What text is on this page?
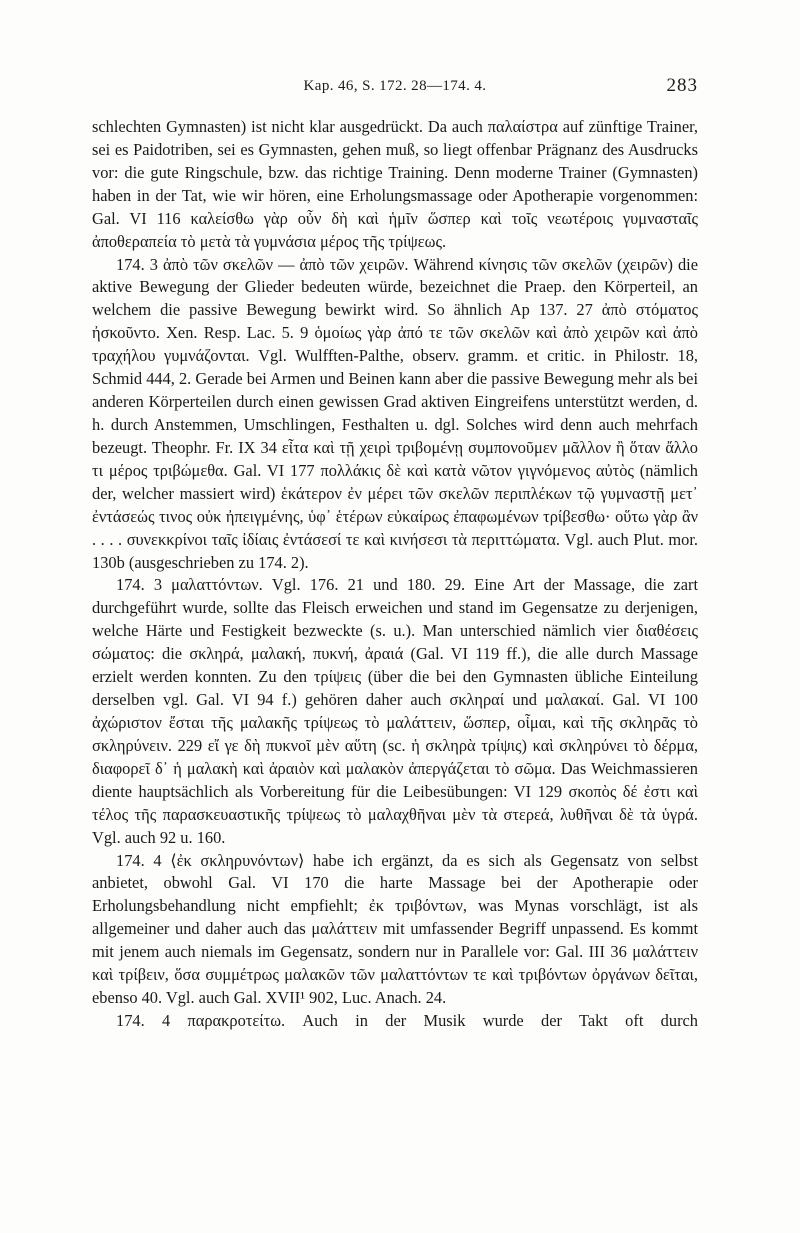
Kap. 46, S. 172. 28—174. 4.	283

schlechten Gymnasten) ist nicht klar ausgedrückt. Da auch παλαίστρα auf zünftige Trainer, sei es Paidotriben, sei es Gymnasten, gehen muß, so liegt offenbar Prägnanz des Ausdrucks vor: die gute Ringschule, bzw. das richtige Training. Denn moderne Trainer (Gymnasten) haben in der Tat, wie wir hören, eine Erholungsmassage oder Apotherapie vorgenommen: Gal. VI 116 καλείσθω γὰρ οὖν δὴ καὶ ἡμῖν ὥσπερ καὶ τοῖς νεωτέροις γυμνασταῖς ἀποθεραπεία τὸ μετὰ τὰ γυμνάσια μέρος τῆς τρίψεως.

174. 3 ἀπὸ τῶν σκελῶν — ἀπὸ τῶν χειρῶν. Während κίνησις τῶν σκελῶν (χειρῶν) die aktive Bewegung der Glieder bedeuten würde, bezeichnet die Praep. den Körperteil, an welchem die passive Bewegung bewirkt wird. So ähnlich Ap 137. 27 ἀπὸ στόματος ἠσκοῦντο. Xen. Resp. Lac. 5. 9 ὁμοίως γὰρ ἀπό τε τῶν σκελῶν καὶ ἀπὸ χειρῶν καὶ ἀπὸ τραχήλου γυμνάζονται. Vgl. Wulfften-Palthe, observ. gramm. et critic. in Philostr. 18, Schmid 444, 2. Gerade bei Armen und Beinen kann aber die passive Bewegung mehr als bei anderen Körperteilen durch einen gewissen Grad aktiven Eingreifens unterstützt werden, d. h. durch Anstemmen, Umschlingen, Festhalten u. dgl. Solches wird denn auch mehrfach bezeugt. Theophr. Fr. IX 34 εἶτα καὶ τῇ χειρὶ τριβομένῃ συμπονοῦμεν μᾶλλον ἢ ὅταν ἄλλο τι μέρος τριβώμεθα. Gal. VI 177 πολλάκις δὲ καὶ κατὰ νῶτον γιγνόμενος αὐτὸς (nämlich der, welcher massiert wird) ἑκάτερον ἐν μέρει τῶν σκελῶν περιπλέκων τῷ γυμναστῇ μετ᾽ ἐντάσεώς τινος οὐκ ἠπειγμένης, ὑφ᾽ ἑτέρων εὐκαίρως ἐπαφωμένων τρίβεσθω· οὕτω γὰρ ἂν . . . . συνεκκρίνοι ταῖς ἰδίαις ἐντάσεσί τε καὶ κινήσεσι τὰ περιττώματα. Vgl. auch Plut. mor. 130b (ausgeschrieben zu 174. 2).

174. 3 μαλαττόντων. Vgl. 176. 21 und 180. 29. Eine Art der Massage, die zart durchgeführt wurde, sollte das Fleisch erweichen und stand im Gegensatze zu derjenigen, welche Härte und Festigkeit bezweckte (s. u.). Man unterschied nämlich vier διαθέσεις σώματος: die σκληρά, μαλακή, πυκνή, ἀραιά (Gal. VI 119 ff.), die alle durch Massage erzielt werden konnten. Zu den τρίψεις (über die bei den Gymnasten übliche Einteilung derselben vgl. Gal. VI 94 f.) gehören daher auch σκληραί und μαλακαί. Gal. VI 100 ἀχώριστον ἔσται τῆς μαλακῆς τρίψεως τὸ μαλάττειν, ὥσπερ, οἶμαι, καὶ τῆς σκληρᾶς τὸ σκληρύνειν. 229 εἴ γε δὴ πυκνοῖ μὲν αὕτη (sc. ἡ σκληρὰ τρίψις) καὶ σκληρύνει τὸ δέρμα, διαφορεῖ δ᾽ ἡ μαλακὴ καὶ ἀραιὸν καὶ μαλακὸν ἀπεργάζεται τὸ σῶμα. Das Weichmassieren diente hauptsächlich als Vorbereitung für die Leibesübungen: VI 129 σκοπὸς δέ ἐστι καὶ τέλος τῆς παρασκευαστικῆς τρίψεως τὸ μαλαχθῆναι μὲν τὰ στερεά, λυθῆναι δὲ τὰ ὑγρά. Vgl. auch 92 u. 160.

174. 4 ⟨ἐκ σκληρυνόντων⟩ habe ich ergänzt, da es sich als Gegensatz von selbst anbietet, obwohl Gal. VI 170 die harte Massage bei der Apotherapie oder Erholungsbehandlung nicht empfiehlt; ἐκ τριβόντων, was Mynas vorschlägt, ist als allgemeiner und daher auch das μαλάττειν mit umfassender Begriff unpassend. Es kommt mit jenem auch niemals im Gegensatz, sondern nur in Parallele vor: Gal. III 36 μαλάττειν καὶ τρίβειν, ὅσα συμμέτρως μαλακῶν τῶν μαλαττόντων τε καὶ τριβόντων ὀργάνων δεῖται, ebenso 40. Vgl. auch Gal. XVII¹ 902, Luc. Anach. 24.

174. 4 παρακροτείτω. Auch in der Musik wurde der Takt oft durch
